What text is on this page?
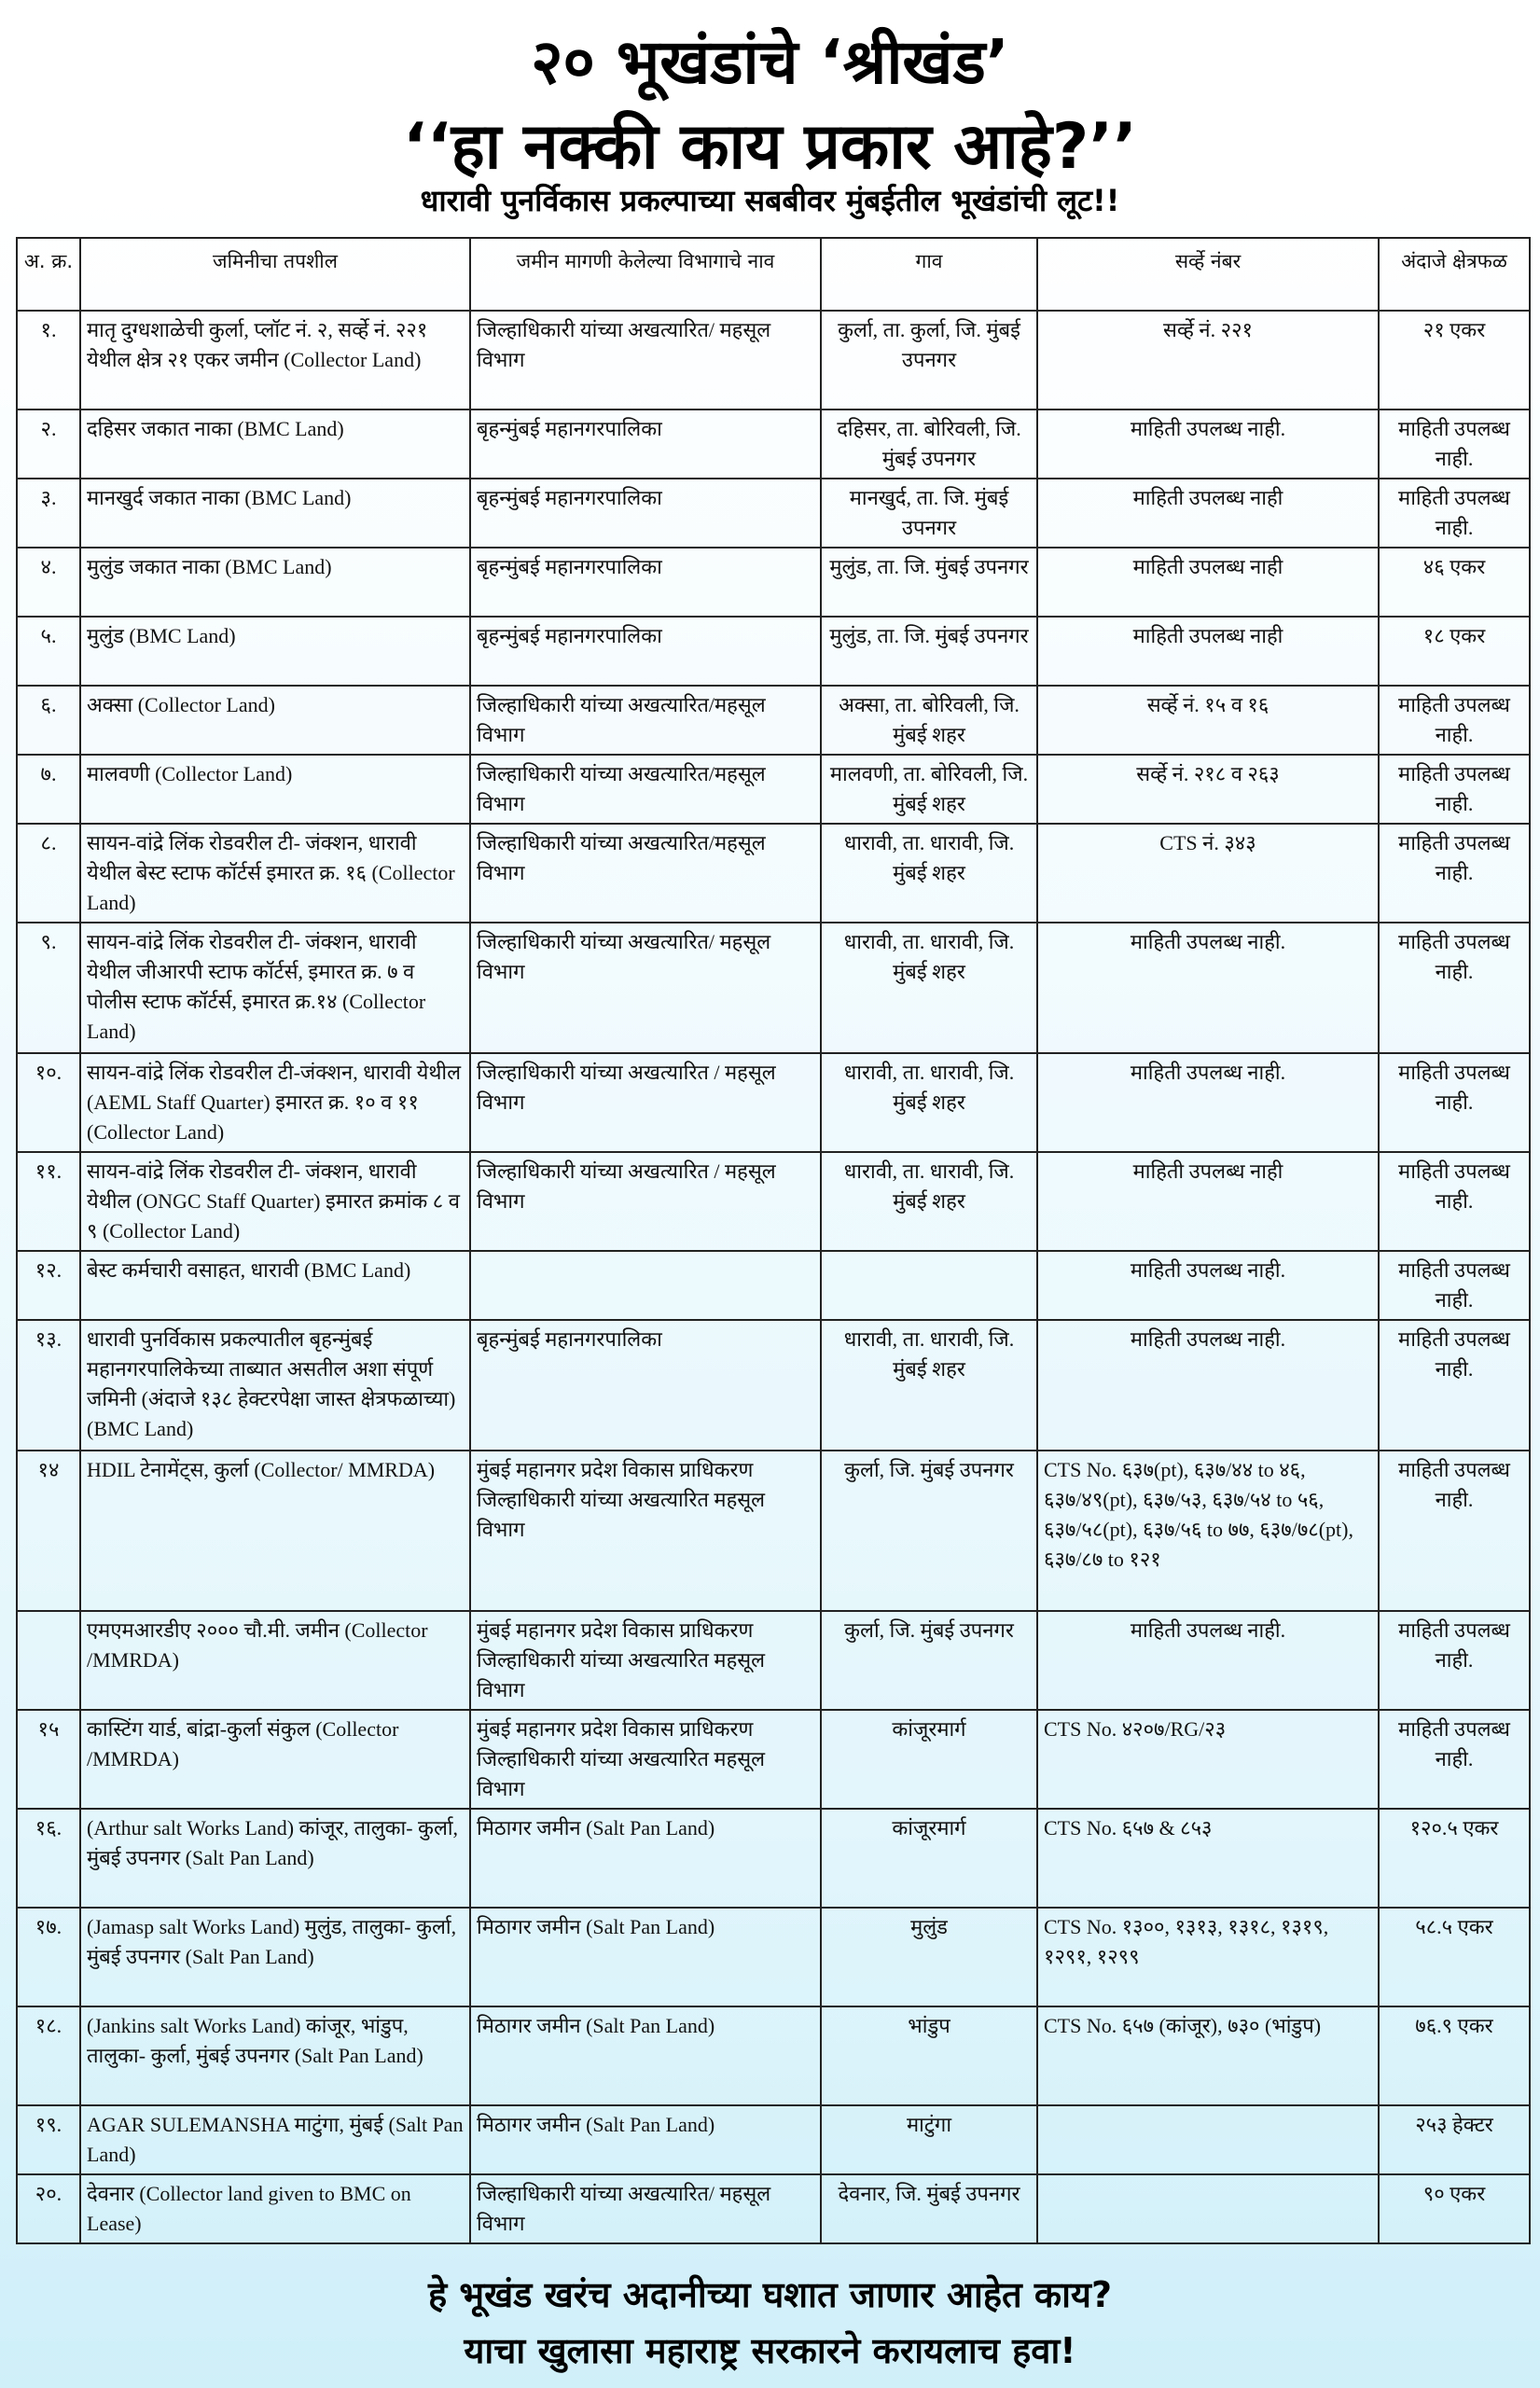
२० भूखंडांचे ‘श्रीखंड’
‘‘हा नक्की काय प्रकार आहे?’’
धारावी पुनर्विकास प्रकल्पाच्या सबबीवर मुंबईतील भूखंडांची लूट!!
अ. क्र.	जमिनीचा तपशील	जमीन मागणी केलेल्या विभागाचे नाव	गाव	सर्व्हे नंबर	अंदाजे क्षेत्रफळ
१.	मातृ दुग्धशाळेची कुर्ला, प्लॉट नं. २, सर्व्हे नं. २२१ येथील क्षेत्र २१ एकर जमीन (Collector Land)	जिल्हाधिकारी यांच्या अखत्यारित/ महसूल विभाग	कुर्ला, ता. कुर्ला, जि. मुंबई उपनगर	सर्व्हे नं. २२१	२१ एकर
२.	दहिसर जकात नाका (BMC Land)	बृहन्मुंबई महानगरपालिका	दहिसर, ता. बोरिवली, जि. मुंबई उपनगर	माहिती उपलब्ध नाही.	माहिती उपलब्ध नाही.
३.	मानखुर्द जकात नाका (BMC Land)	बृहन्मुंबई महानगरपालिका	मानखुर्द, ता. जि. मुंबई उपनगर	माहिती उपलब्ध नाही	माहिती उपलब्ध नाही.
४.	मुलुंड जकात नाका (BMC Land)	बृहन्मुंबई महानगरपालिका	मुलुंड, ता. जि. मुंबई उपनगर	माहिती उपलब्ध नाही	४६ एकर
५.	मुलुंड (BMC Land)	बृहन्मुंबई महानगरपालिका	मुलुंड, ता. जि. मुंबई उपनगर	माहिती उपलब्ध नाही	१८ एकर
६.	अक्सा (Collector Land)	जिल्हाधिकारी यांच्या अखत्यारित/महसूल विभाग	अक्सा, ता. बोरिवली, जि. मुंबई शहर	सर्व्हे नं. १५ व १६	माहिती उपलब्ध नाही.
७.	मालवणी (Collector Land)	जिल्हाधिकारी यांच्या अखत्यारित/महसूल विभाग	मालवणी, ता. बोरिवली, जि. मुंबई शहर	सर्व्हे नं. २१८ व २६३	माहिती उपलब्ध नाही.
८.	सायन-वांद्रे लिंक रोडवरील टी- जंक्शन, धारावी येथील बेस्ट स्टाफ कॉर्टर्स इमारत क्र. १६ (Collector Land)	जिल्हाधिकारी यांच्या अखत्यारित/महसूल विभाग	धारावी, ता. धारावी, जि. मुंबई शहर	CTS नं. ३४३	माहिती उपलब्ध नाही.
९.	सायन-वांद्रे लिंक रोडवरील टी- जंक्शन, धारावी येथील जीआरपी स्टाफ कॉर्टर्स, इमारत क्र. ७ व पोलीस स्टाफ कॉर्टर्स, इमारत क्र.१४ (Collector Land)	जिल्हाधिकारी यांच्या अखत्यारित/ महसूल विभाग	धारावी, ता. धारावी, जि. मुंबई शहर	माहिती उपलब्ध नाही.	माहिती उपलब्ध नाही.
१०.	सायन-वांद्रे लिंक रोडवरील टी-जंक्शन, धारावी येथील (AEML Staff Quarter) इमारत क्र. १० व ११ (Collector Land)	जिल्हाधिकारी यांच्या अखत्यारित / महसूल विभाग	धारावी, ता. धारावी, जि. मुंबई शहर	माहिती उपलब्ध नाही.	माहिती उपलब्ध नाही.
११.	सायन-वांद्रे लिंक रोडवरील टी- जंक्शन, धारावी येथील (ONGC Staff Quarter) इमारत क्रमांक ८ व ९ (Collector Land)	जिल्हाधिकारी यांच्या अखत्यारित / महसूल विभाग	धारावी, ता. धारावी, जि. मुंबई शहर	माहिती उपलब्ध नाही	माहिती उपलब्ध नाही.
१२.	बेस्ट कर्मचारी वसाहत, धारावी (BMC Land)			माहिती उपलब्ध नाही.	माहिती उपलब्ध नाही.
१३.	धारावी पुनर्विकास प्रकल्पातील बृहन्मुंबई महानगरपालिकेच्या ताब्यात असतील अशा संपूर्ण जमिनी (अंदाजे १३८ हेक्टरपेक्षा जास्त क्षेत्रफळाच्या) (BMC Land)	बृहन्मुंबई महानगरपालिका	धारावी, ता. धारावी, जि. मुंबई शहर	माहिती उपलब्ध नाही.	माहिती उपलब्ध नाही.
१४	HDIL टेनामेंट्स, कुर्ला (Collector/ MMRDA)	मुंबई महानगर प्रदेश विकास प्राधिकरण जिल्हाधिकारी यांच्या अखत्यारित महसूल विभाग	कुर्ला, जि. मुंबई उपनगर	CTS No. ६३७(pt), ६३७/४४ to ४६, ६३७/४९(pt), ६३७/५३, ६३७/५४ to ५६, ६३७/५८(pt), ६३७/५६ to ७७, ६३७/७८(pt), ६३७/८७ to १२१	माहिती उपलब्ध नाही.
	एमएमआरडीए २००० चौ.मी. जमीन (Collector /MMRDA)	मुंबई महानगर प्रदेश विकास प्राधिकरण जिल्हाधिकारी यांच्या अखत्यारित महसूल विभाग	कुर्ला, जि. मुंबई उपनगर	माहिती उपलब्ध नाही.	माहिती उपलब्ध नाही.
१५	कास्टिंग यार्ड, बांद्रा-कुर्ला संकुल (Collector /MMRDA)	मुंबई महानगर प्रदेश विकास प्राधिकरण जिल्हाधिकारी यांच्या अखत्यारित महसूल विभाग	कांजूरमार्ग	CTS No. ४२०७/RG/२३	माहिती उपलब्ध नाही.
१६.	(Arthur salt Works Land) कांजूर, तालुका- कुर्ला, मुंबई उपनगर (Salt Pan Land)	मिठागर जमीन (Salt Pan Land)	कांजूरमार्ग	CTS No. ६५७ & ८५३	१२०.५ एकर
१७.	(Jamasp salt Works Land) मुलुंड, तालुका- कुर्ला, मुंबई उपनगर (Salt Pan Land)	मिठागर जमीन (Salt Pan Land)	मुलुंड	CTS No. १३००, १३१३, १३१८, १३१९, १२९१, १२९९	५८.५ एकर
१८.	(Jankins salt Works Land) कांजूर, भांडुप, तालुका- कुर्ला, मुंबई उपनगर (Salt Pan Land)	मिठागर जमीन (Salt Pan Land)	भांडुप	CTS No. ६५७ (कांजूर), ७३० (भांडुप)	७६.९ एकर
१९.	AGAR SULEMANSHA माटुंगा, मुंबई (Salt Pan Land)	मिठागर जमीन (Salt Pan Land)	माटुंगा		२५३ हेक्टर
२०.	देवनार (Collector land given to BMC on Lease)	जिल्हाधिकारी यांच्या अखत्यारित/ महसूल विभाग	देवनार, जि. मुंबई उपनगर		९० एकर
हे भूखंड खरंच अदानीच्या घशात जाणार आहेत काय?
याचा खुलासा महाराष्ट्र सरकारने करायलाच हवा!
